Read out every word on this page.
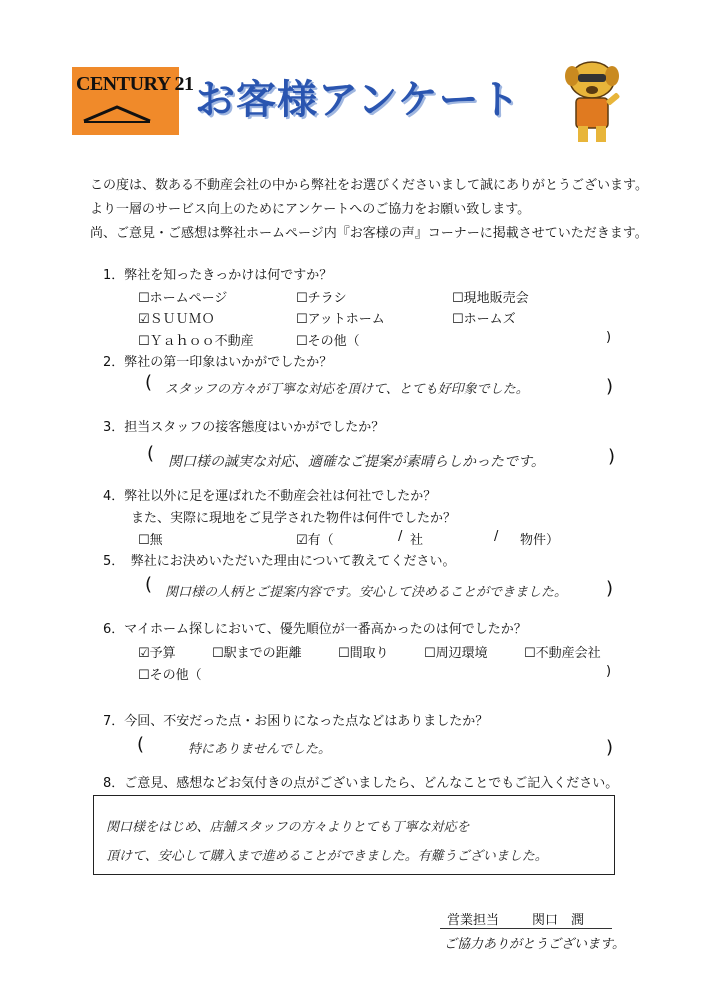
CENTURY 21 お客様アンケート
この度は、数ある不動産会社の中から弊社をお選びくださいまして誠にありがとうございます。
より一層のサービス向上のためにアンケートへのご協力をお願い致します。
尚、ご意見・ご感想は弊社ホームページ内『お客様の声』コーナーに掲載させていただきます。
1．弊社を知ったきっかけは何ですか？
☐ホームページ	☐チラシ	☐現地販売会
☑ＳＵＵＭＯ	☐アットホーム	☐ホームズ
☐Ｙａｈｏｏ不動産	☐その他（	)
2．弊社の第一印象はいかがでしたか？
( スタッフの方々が丁寧な対応を頂けて、とても好印象でした。	)
3．担当スタッフの接客態度はいかがでしたか？
( 関口様の誠実な対応、適確なご提案が素晴らしかったです。	)
4．弊社以外に足を運ばれた不動産会社は何社でしたか？
また、実際に現地をご見学された物件は何件でしたか？
☐無	☑有（	/ 社	/ 物件）
5．　弊社にお決めいただいた理由について教えてください。
( 関口様の人柄とご提案内容です。安心して決めることができました。 )
6．マイホーム探しにおいて、優先順位が一番高かったのは何でしたか？
☑予算	☐駅までの距離	☐間取り	☐周辺環境	☐不動産会社
☐その他（	)
7．今回、不安だった点・お困りになった点などはありましたか？
(	特にありませんでした。	)
8．ご意見、感想などお気付きの点がございましたら、どんなことでもご記入ください。
関口様をはじめ、店舗スタッフの方々よりとても丁寧な対応を
頂けて、安心して購入まで進めることができました。有難うございました。
営業担当	関口　潤
ご協力ありがとうございます。
